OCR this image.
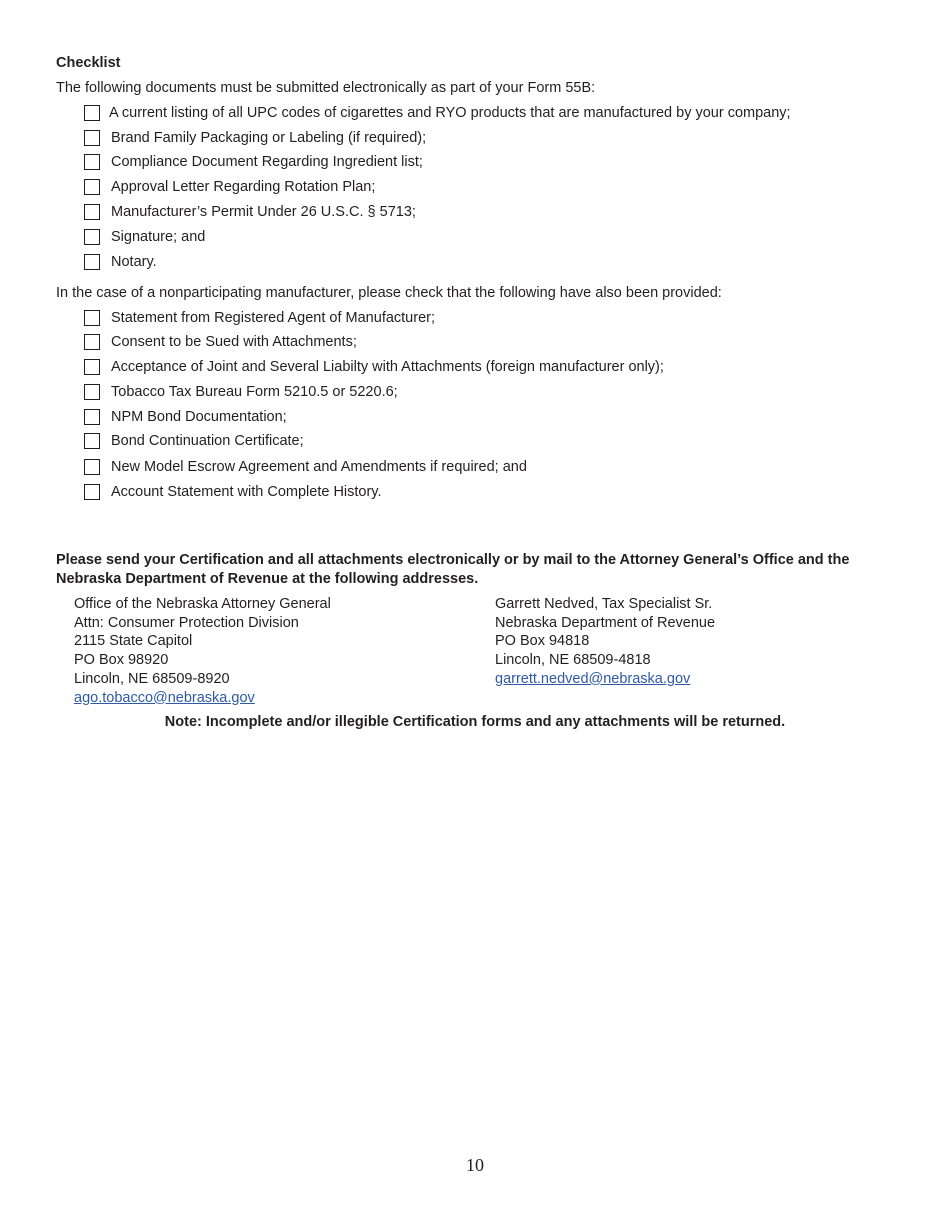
Checklist
The following documents must be submitted electronically as part of your Form 55B:
A current listing of all UPC codes of cigarettes and RYO products that are manufactured by your company;
Brand Family Packaging or Labeling (if required);
Compliance Document Regarding Ingredient list;
Approval Letter Regarding Rotation Plan;
Manufacturer’s Permit Under 26 U.S.C. § 5713;
Signature; and
Notary.
In the case of a nonparticipating manufacturer, please check that the following have also been provided:
Statement from Registered Agent of Manufacturer;
Consent to be Sued with Attachments;
Acceptance of Joint and Several Liabilty with Attachments (foreign manufacturer only);
Tobacco Tax Bureau Form 5210.5 or 5220.6;
NPM Bond Documentation;
Bond Continuation Certificate;
New Model Escrow Agreement and Amendments if required; and
Account Statement with Complete History.
Please send your Certification and all attachments electronically or by mail to the Attorney General’s Office and the Nebraska Department of Revenue at the following addresses.
Office of the Nebraska Attorney General
Attn: Consumer Protection Division
2115 State Capitol
PO Box 98920
Lincoln, NE 68509-8920
ago.tobacco@nebraska.gov
Garrett Nedved, Tax Specialist Sr.
Nebraska Department of Revenue
PO Box 94818
Lincoln, NE 68509-4818
garrett.nedved@nebraska.gov
Note: Incomplete and/or illegible Certification forms and any attachments will be returned.
10
